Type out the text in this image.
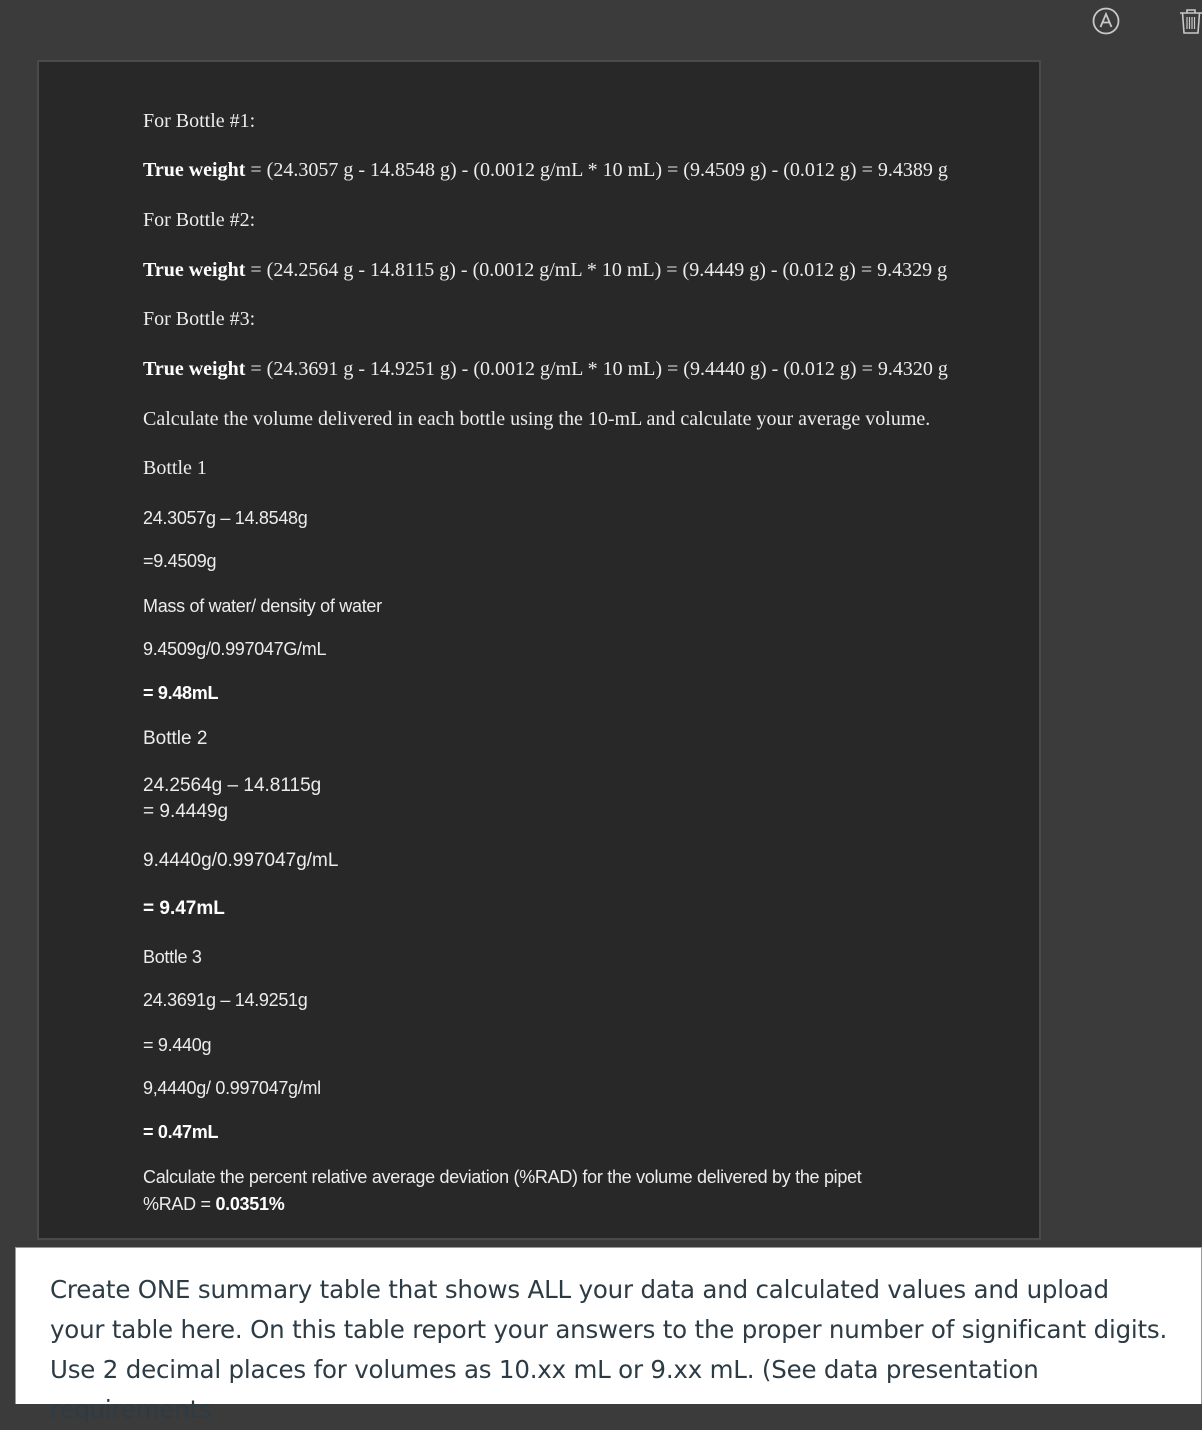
For Bottle #1:
True weight = (24.3057 g - 14.8548 g) - (0.0012 g/mL * 10 mL) = (9.4509 g) - (0.012 g) = 9.4389 g
For Bottle #2:
True weight = (24.2564 g - 14.8115 g) - (0.0012 g/mL * 10 mL) = (9.4449 g) - (0.012 g) = 9.4329 g
For Bottle #3:
True weight = (24.3691 g - 14.9251 g) - (0.0012 g/mL * 10 mL) = (9.4440 g) - (0.012 g) = 9.4320 g
Calculate the volume delivered in each bottle using the 10-mL and calculate your average volume.
Bottle 1
24.3057g – 14.8548g
=9.4509g
Mass of water/ density of water
9.4509g/0.997047G/mL
= 9.48mL
Bottle 2
24.2564g – 14.8115g
= 9.4449g
9.4440g/0.997047g/mL
= 9.47mL
Bottle 3
24.3691g – 14.9251g
= 9.440g
9,4440g/ 0.997047g/ml
= 0.47mL
Calculate the percent relative average deviation (%RAD) for the volume delivered by the pipet
%RAD = 0.0351%
Create ONE summary table that shows ALL your data and calculated values and upload your table here. On this table report your answers to the proper number of significant digits. Use 2 decimal places for volumes as 10.xx mL or 9.xx mL. (See data presentation requirements
